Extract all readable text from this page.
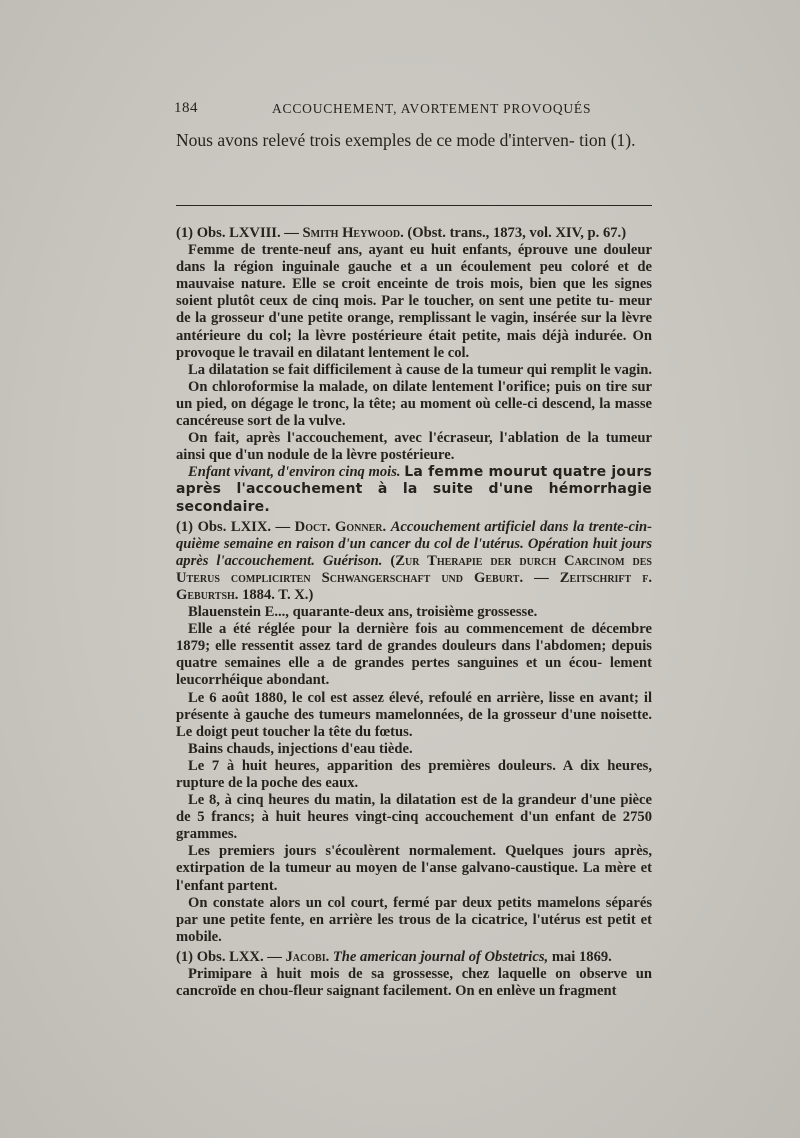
184	ACCOUCHEMENT, AVORTEMENT PROVOQUÉS
Nous avons relevé trois exemples de ce mode d'interven- tion (1).

(1) Obs. LXVIII. — Smith Heywood. (Obst. trans., 1873, vol. XIV, p. 67.)

Femme de trente-neuf ans, ayant eu huit enfants, éprouve une douleur dans la région inguinale gauche et a un écoulement peu coloré et de mauvaise nature. Elle se croit enceinte de trois mois, bien que les signes soient plutôt ceux de cinq mois. Par le toucher, on sent une petite tu- meur de la grosseur d'une petite orange, remplissant le vagin, insérée sur la lèvre antérieure du col; la lèvre postérieure était petite, mais déjà indurée. On provoque le travail en dilatant lentement le col.

La dilatation se fait difficilement à cause de la tumeur qui remplit le vagin.

On chloroformise la malade, on dilate lentement l'orifice; puis on tire sur un pied, on dégage le tronc, la tête; au moment où celle-ci descend, la masse cancéreuse sort de la vulve.

On fait, après l'accouchement, avec l'écraseur, l'ablation de la tumeur ainsi que d'un nodule de la lèvre postérieure.

Enfant vivant, d'environ cinq mois. La femme mourut quatre jours après l'accouchement à la suite d'une hémorrhagie secondaire.

(1) Obs. LXIX. — Doct. Gonner. Accouchement artificiel dans la trente-cin- quième semaine en raison d'un cancer du col de l'utérus. Opération huit jours après l'accouchement. Guérison. (Zur Therapie der durch Carcinom des Uterus complicirten Schwangerschaft und Geburt. — Zeitschrift f. Geburtsh. 1884. T. X.)

Blauenstein E..., quarante-deux ans, troisième grossesse.

Elle a été réglée pour la dernière fois au commencement de décembre 1879; elle ressentit assez tard de grandes douleurs dans l'abdomen; depuis quatre semaines elle a de grandes pertes sanguines et un écou- lement leucorrhéique abondant.

Le 6 août 1880, le col est assez élevé, refoulé en arrière, lisse en avant; il présente à gauche des tumeurs mamelonnées, de la grosseur d'une noisette. Le doigt peut toucher la tête du fœtus.

Bains chauds, injections d'eau tiède.

Le 7 à huit heures, apparition des premières douleurs. A dix heures, rupture de la poche des eaux.

Le 8, à cinq heures du matin, la dilatation est de la grandeur d'une pièce de 5 francs; à huit heures vingt-cinq accouchement d'un enfant de 2750 grammes.

Les premiers jours s'écoulèrent normalement. Quelques jours après, extirpation de la tumeur au moyen de l'anse galvano-caustique. La mère et l'enfant partent.

On constate alors un col court, fermé par deux petits mamelons séparés par une petite fente, en arrière les trous de la cicatrice, l'utérus est petit et mobile.

(1) Obs. LXX. — Jacobi. The american journal of Obstetrics, mai 1869.

Primipare à huit mois de sa grossesse, chez laquelle on observe un cancroïde en chou-fleur saignant facilement. On en enlève un fragment
